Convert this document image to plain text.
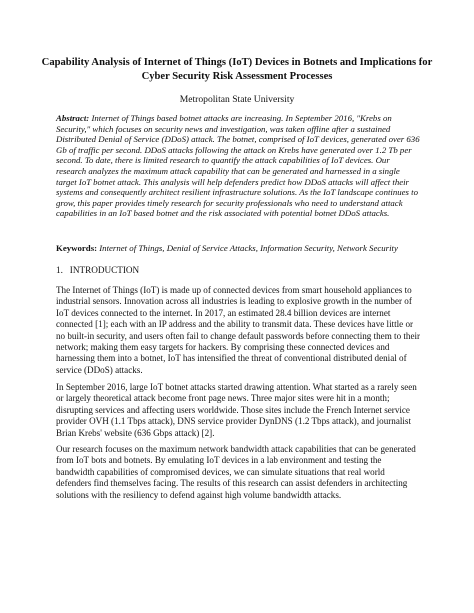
Capability Analysis of Internet of Things (IoT) Devices in Botnets and Implications for Cyber Security Risk Assessment Processes
Metropolitan State University
Abstract: Internet of Things based botnet attacks are increasing. In September 2016, "Krebs on Security," which focuses on security news and investigation, was taken offline after a sustained Distributed Denial of Service (DDoS) attack. The botnet, comprised of IoT devices, generated over 636 Gb of traffic per second. DDoS attacks following the attack on Krebs have generated over 1.2 Tb per second. To date, there is limited research to quantify the attack capabilities of IoT devices. Our research analyzes the maximum attack capability that can be generated and harnessed in a single target IoT botnet attack. This analysis will help defenders predict how DDoS attacks will affect their systems and consequently architect resilient infrastructure solutions. As the IoT landscape continues to grow, this paper provides timely research for security professionals who need to understand attack capabilities in an IoT based botnet and the risk associated with potential botnet DDoS attacks.
Keywords: Internet of Things, Denial of Service Attacks, Information Security, Network Security
1. INTRODUCTION

The Internet of Things (IoT) is made up of connected devices from smart household appliances to industrial sensors. Innovation across all industries is leading to explosive growth in the number of IoT devices connected to the internet. In 2017, an estimated 28.4 billion devices are internet connected [1]; each with an IP address and the ability to transmit data. These devices have little or no built-in security, and users often fail to change default passwords before connecting them to their network; making them easy targets for hackers. By comprising these connected devices and harnessing them into a botnet, IoT has intensified the threat of conventional distributed denial of service (DDoS) attacks.

In September 2016, large IoT botnet attacks started drawing attention. What started as a rarely seen or largely theoretical attack become front page news. Three major sites were hit in a month; disrupting services and affecting users worldwide. Those sites include the French Internet service provider OVH (1.1 Tbps attack), DNS service provider DynDNS (1.2 Tbps attack), and journalist Brian Krebs' website (636 Gbps attack) [2].

Our research focuses on the maximum network bandwidth attack capabilities that can be generated from IoT bots and botnets. By emulating IoT devices in a lab environment and testing the bandwidth capabilities of compromised devices, we can simulate situations that real world defenders find themselves facing. The results of this research can assist defenders in architecting solutions with the resiliency to defend against high volume bandwidth attacks.
